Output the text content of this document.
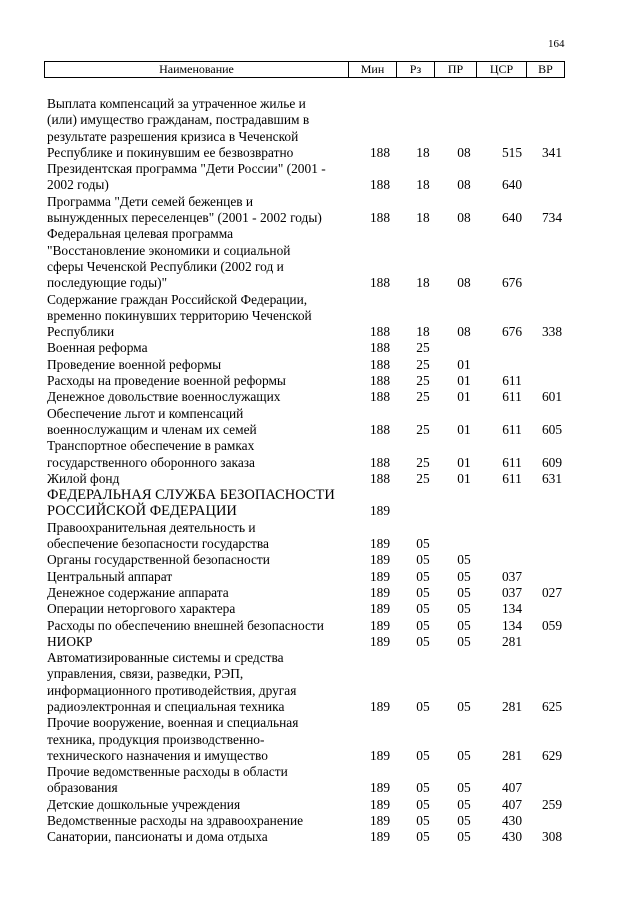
164
Наименование	Мин	Рз	ПР	ЦСР	ВР
Выплата компенсаций за утраченное жилье и
(или) имущество гражданам, пострадавшим в
результате разрешения кризиса в Чеченской
Республике и покинувшим ее безвозвратно	188	18	08	515	341
Президентская программа "Дети России" (2001 -
2002 годы)	188	18	08	640
Программа "Дети семей беженцев и
вынужденных переселенцев" (2001 - 2002 годы)	188	18	08	640	734
Федеральная целевая программа
"Восстановление экономики и социальной
сферы Чеченской Республики (2002 год и
последующие годы)"	188	18	08	676
Содержание граждан Российской Федерации,
временно покинувших территорию Чеченской
Республики	188	18	08	676	338
Военная реформа	188	25
Проведение военной реформы	188	25	01
Расходы на проведение военной реформы	188	25	01	611
Денежное довольствие военнослужащих	188	25	01	611	601
Обеспечение льгот и компенсаций
военнослужащим и членам их семей	188	25	01	611	605
Транспортное обеспечение в рамках
государственного оборонного заказа	188	25	01	611	609
Жилой фонд	188	25	01	611	631
ФЕДЕРАЛЬНАЯ СЛУЖБА БЕЗОПАСНОСТИ
РОССИЙСКОЙ ФЕДЕРАЦИИ	189
Правоохранительная деятельность и
обеспечение безопасности государства	189	05
Органы государственной безопасности	189	05	05
Центральный аппарат	189	05	05	037
Денежное содержание аппарата	189	05	05	037	027
Операции неторгового характера	189	05	05	134
Расходы по обеспечению внешней безопасности	189	05	05	134	059
НИОКР	189	05	05	281
Автоматизированные системы и средства
управления, связи, разведки, РЭП,
информационного противодействия, другая
радиоэлектронная и специальная техника	189	05	05	281	625
Прочие вооружение, военная и специальная
техника, продукция производственно-
технического назначения и имущество	189	05	05	281	629
Прочие ведомственные расходы в области
образования	189	05	05	407
Детские дошкольные учреждения	189	05	05	407	259
Ведомственные расходы на здравоохранение	189	05	05	430
Санатории, пансионаты и дома отдыха	189	05	05	430	308
